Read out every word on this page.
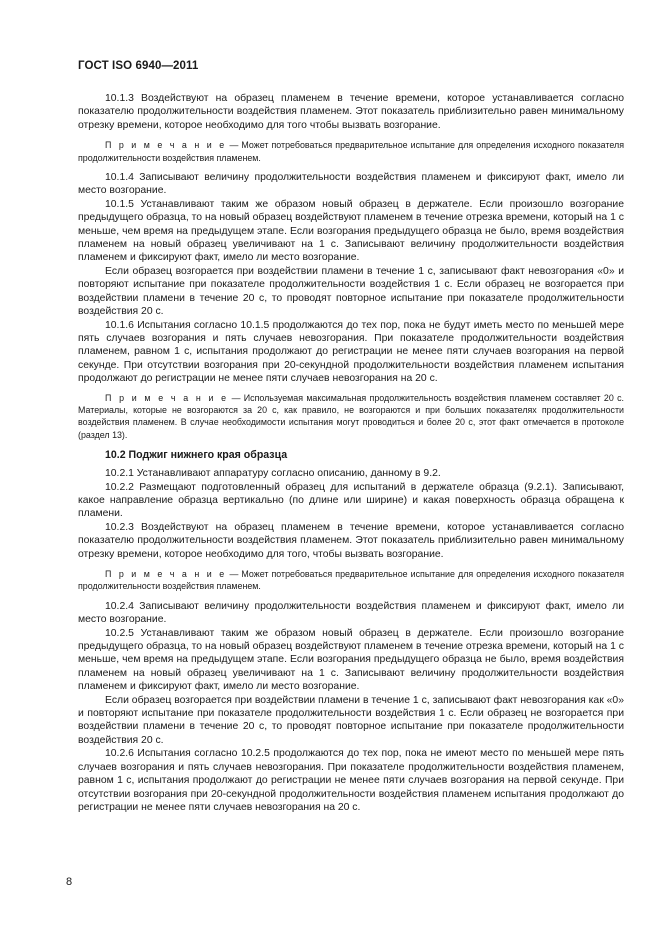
ГОСТ ISO 6940—2011

10.1.3 Воздействуют на образец пламенем в течение времени, которое устанавливается согласно показателю продолжительности воздействия пламенем. Этот показатель приблизительно равен минимальному отрезку времени, которое необходимо для того чтобы вызвать возгорание.

П р и м е ч а н и е — Может потребоваться предварительное испытание для определения исходного показателя продолжительности воздействия пламенем.

10.1.4 Записывают величину продолжительности воздействия пламенем и фиксируют факт, имело ли место возгорание.

10.1.5 Устанавливают таким же образом новый образец в держателе. Если произошло возгорание предыдущего образца, то на новый образец воздействуют пламенем в течение отрезка времени, который на 1 с меньше, чем время на предыдущем этапе. Если возгорания предыдущего образца не было, время воздействия пламенем на новый образец увеличивают на 1 с. Записывают величину продолжительности воздействия пламенем и фиксируют факт, имело ли место возгорание.

Если образец возгорается при воздействии пламени в течение 1 с, записывают факт невозгорания «0» и повторяют испытание при показателе продолжительности воздействия 1 с. Если образец не возгорается при воздействии пламени в течение 20 с, то проводят повторное испытание при показателе продолжительности воздействия 20 с.

10.1.6 Испытания согласно 10.1.5 продолжаются до тех пор, пока не будут иметь место по меньшей мере пять случаев возгорания и пять случаев невозгорания. При показателе продолжительности воздействия пламенем, равном 1 с, испытания продолжают до регистрации не менее пяти случаев возгорания на первой секунде. При отсутствии возгорания при 20-секундной продолжительности воздействия пламенем испытания продолжают до регистрации не менее пяти случаев невозгорания на 20 с.

П р и м е ч а н и е — Используемая максимальная продолжительность воздействия пламенем составляет 20 с. Материалы, которые не возгораются за 20 с, как правило, не возгораются и при больших показателях продолжительности воздействия пламенем. В случае необходимости испытания могут проводиться и более 20 с, этот факт отмечается в протоколе (раздел 13).

10.2 Поджиг нижнего края образца

10.2.1 Устанавливают аппаратуру согласно описанию, данному в 9.2.

10.2.2 Размещают подготовленный образец для испытаний в держателе образца (9.2.1). Записывают, какое направление образца вертикально (по длине или ширине) и какая поверхность образца обращена к пламени.

10.2.3 Воздействуют на образец пламенем в течение времени, которое устанавливается согласно показателю продолжительности воздействия пламенем. Этот показатель приблизительно равен минимальному отрезку времени, которое необходимо для того, чтобы вызвать возгорание.

П р и м е ч а н и е — Может потребоваться предварительное испытание для определения исходного показателя продолжительности воздействия пламенем.

10.2.4 Записывают величину продолжительности воздействия пламенем и фиксируют факт, имело ли место возгорание.

10.2.5 Устанавливают таким же образом новый образец в держателе. Если произошло возгорание предыдущего образца, то на новый образец воздействуют пламенем в течение отрезка времени, который на 1 с меньше, чем время на предыдущем этапе. Если возгорания предыдущего образца не было, время воздействия пламенем на новый образец увеличивают на 1 с. Записывают величину продолжительности воздействия пламенем и фиксируют факт, имело ли место возгорание.

Если образец возгорается при воздействии пламени в течение 1 с, записывают факт невозгорания как «0» и повторяют испытание при показателе продолжительности воздействия 1 с. Если образец не возгорается при воздействии пламени в течение 20 с, то проводят повторное испытание при показателе продолжительности воздействия 20 с.

10.2.6 Испытания согласно 10.2.5 продолжаются до тех пор, пока не имеют место по меньшей мере пять случаев возгорания и пять случаев невозгорания. При показателе продолжительности воздействия пламенем, равном 1 с, испытания продолжают до регистрации не менее пяти случаев возгорания на первой секунде. При отсутствии возгорания при 20-секундной продолжительности воздействия пламенем испытания продолжают до регистрации не менее пяти случаев невозгорания на 20 с.

8
